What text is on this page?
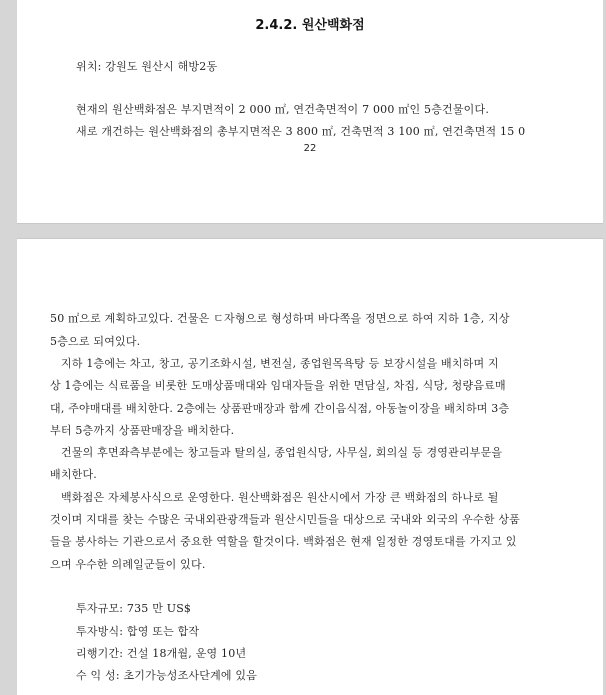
2.4.2. 원산백화점
위치: 강원도 원산시 해방2동
현재의 원산백화점은 부지면적이 2 000 ㎡, 연건축면적이 7 000 ㎡인 5층건물이다.
새로 개건하는 원산백화점의 총부지면적은 3 800 ㎡, 건축면적 3 100 ㎡, 연건축면적 15 0
22
50 ㎡으로 계획하고있다. 건물은 ㄷ자형으로 형성하며 바다쪽을 정면으로 하여 지하 1층, 지상
5층으로 되여있다.
지하 1층에는 차고, 창고, 공기조화시설, 변전실, 종업원목욕탕 등 보장시설을 배치하며 지
상 1층에는 식료품을 비롯한 도매상품매대와 임대자들을 위한 면담실, 차집, 식당, 청량음료매
대, 주야매대를 배치한다. 2층에는 상품판매장과 함께 간이음식점, 아동놀이장을 배치하며 3층
부터 5층까지 상품판매장을 배치한다.
건물의 후면좌측부분에는 창고들과 탈의실, 종업원식당, 사무실, 회의실 등 경영관리부문을
배치한다.
백화점은 자체봉사식으로 운영한다. 원산백화점은 원산시에서 가장 큰 백화점의 하나로 될
것이며 지대를 찾는 수많은 국내외관광객들과 원산시민들을 대상으로 국내와 외국의 우수한 상품
들을 봉사하는 기관으로서 중요한 역할을 할것이다. 백화점은 현재 일정한 경영토대를 가지고 있
으며 우수한 의례일군들이 있다.
투자규모: 735 만 US$
투자방식: 합영 또는 합작
리행기간: 건설 18개월, 운영 10년
수 익 성: 초기가능성조사단계에 있음
